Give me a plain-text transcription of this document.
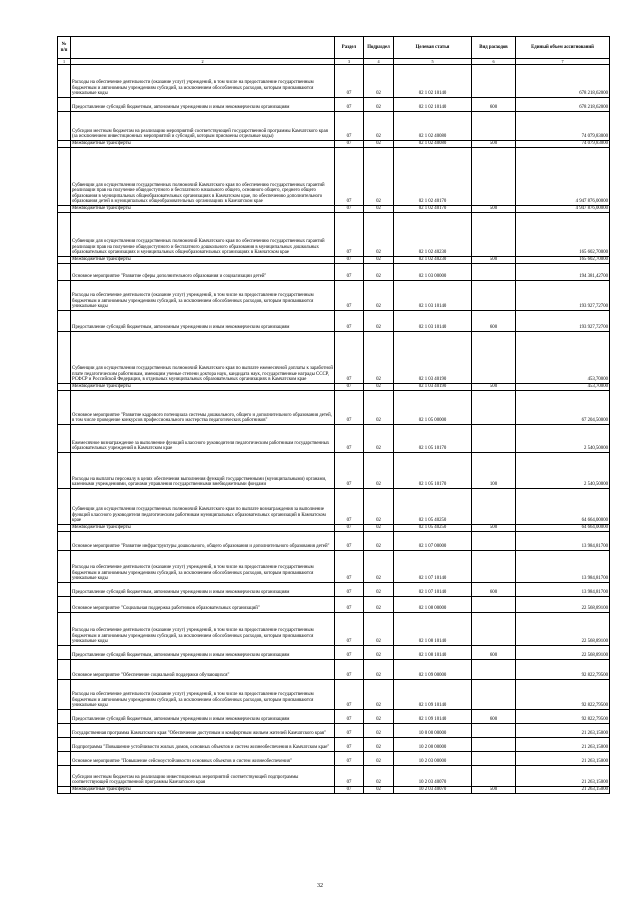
№ п/п		Раздел	Подраздел	Целевая статья	Вид расходов	Единый объем ассигнований
1	2	3	4	5	6	7
	Расходы на обеспечение деятельности (оказание услуг) учреждений, в том числе на предоставление государственным бюджетным и автономным учреждениям субсидий, за исключением обособленных расходов, которым присваиваются уникальные коды	07	02	02 1 02 10140		678 218,62000
	Предоставление субсидий бюджетным, автономным учреждениям и иным некоммерческим организациям	07	02	02 1 02 10140	600	678 218,62000
	Субсидии местным бюджетам на реализацию мероприятий соответствующей государственной программы Камчатского края (за исключением инвестиционных мероприятий и субсидий, которым присвоены отдельные коды)	07	02	02 1 02 40080		74 079,83000
	Межбюджетные трансферты	07	02	02 1 02 40080	500	74 079,83000
	Субвенции для осуществления государственных полномочий Камчатского края по обеспечению государственных гарантий реализации прав на получение общедоступного и бесплатного начального общего, основного общего, среднего общего образования в муниципальных общеобразовательных организациях в Камчатском крае, по обеспечению дополнительного образования детей в муниципальных общеобразовательных организациях в Камчатском крае	07	02	02 1 02 40170		4 947 876,00000
	Межбюджетные трансферты	07	02	02 1 02 40170	500	4 947 876,00000
	Субвенции для осуществления государственных полномочий Камчатского края по обеспечению государственных гарантий реализации прав на получение общедоступного и бесплатного дошкольного образования в муниципальных дошкольных образовательных организациях и муниципальных общеобразовательных организациях в Камчатском крае	07	02	02 1 02 40230		165 602,70000
	Межбюджетные трансферты	07	02	02 1 02 40230	500	165 602,70000
	Основное мероприятие "Развитие сферы дополнительного образования и социализации детей"	07	02	02 1 03 00000		194 381,42700
	Расходы на обеспечение деятельности (оказание услуг) учреждений, в том числе на предоставление государственным бюджетным и автономным учреждениям субсидий, за исключением обособленных расходов, которым присваиваются уникальные коды	07	02	02 1 03 10140		193 927,72700
	Предоставление субсидий бюджетным, автономным учреждениям и иным некоммерческим организациям	07	02	02 1 03 10140	600	193 927,72700
	Субвенции для осуществления государственных полномочий Камчатского края по выплате ежемесячной доплаты к заработной плате педагогическим работникам, имеющим ученые степени доктора наук, кандидата наук, государственные награды СССР, РСФСР и Российской Федерации, в отдельных муниципальных образовательных организациях в Камчатском крае	07	02	02 1 03 40190		453,70000
	Межбюджетные трансферты	07	02	02 1 03 40190	500	453,70000
	Основное мероприятие "Развитие кадрового потенциала системы дошкольного, общего и дополнительного образования детей, в том числе проведение конкурсов профессионального мастерства педагогических работников"	07	02	02 1 05 00000		67 204,50000
	Ежемесячное вознаграждение за выполнение функций классного руководителя педагогическим работникам государственных образовательных учреждений в Камчатском крае	07	02	02 1 05 10170		2 540,50000
	Расходы на выплаты персоналу в целях обеспечения выполнения функций государственными (муниципальными) органами, казенными учреждениями, органами управления государственными внебюджетными фондами	07	02	02 1 05 10170	100	2 540,50000
	Субвенции для осуществления государственных полномочий Камчатского края по выплате вознаграждения за выполнение функций классного руководителя педагогическим работникам муниципальных образовательных организаций в Камчатском крае	07	02	02 1 05 40250		64 664,00000
	Межбюджетные трансферты	07	02	02 1 05 40250	500	64 664,00000
	Основное мероприятие "Развитие инфраструктуры дошкольного, общего образования и дополнительного образования детей"	07	02	02 1 07 00000		13 984,81700
	Расходы на обеспечение деятельности (оказание услуг) учреждений, в том числе на предоставление государственным бюджетным и автономным учреждениям субсидий, за исключением обособленных расходов, которым присваиваются уникальные коды	07	02	02 1 07 10140		13 984,81700
	Предоставление субсидий бюджетным, автономным учреждениям и иным некоммерческим организациям	07	02	02 1 07 10140	600	13 984,81700
	Основное мероприятие "Социальная поддержка работников образовательных организаций"	07	02	02 1 08 00000		22 568,89100
	Расходы на обеспечение деятельности (оказание услуг) учреждений, в том числе на предоставление государственным бюджетным и автономным учреждениям субсидий, за исключением обособленных расходов, которым присваиваются уникальные коды	07	02	02 1 08 10140		22 568,89100
	Предоставление субсидий бюджетным, автономным учреждениям и иным некоммерческим организациям	07	02	02 1 08 10140	600	22 568,89100
	Основное мероприятие "Обеспечение социальной поддержки обучающихся"	07	02	02 1 09 00000		92 822,79500
	Расходы на обеспечение деятельности (оказание услуг) учреждений, в том числе на предоставление государственным бюджетным и автономным учреждениям субсидий, за исключением обособленных расходов, которым присваиваются уникальные коды	07	02	02 1 09 10140		92 822,79500
	Предоставление субсидий бюджетным, автономным учреждениям и иным некоммерческим организациям	07	02	02 1 09 10140	600	92 822,79500
	Государственная программа Камчатского края "Обеспечение доступным и комфортным жильем жителей Камчатского края"	07	02	10 0 00 00000		21 263,15000
	Подпрограмма "Повышение устойчивости жилых домов, основных объектов и систем жизнеобеспечения в Камчатском крае"	07	02	10 2 00 00000		21 263,15000
	Основное мероприятие "Повышение сейсмоустойчивости основных объектов и систем жизнеобеспечения"	07	02	10 2 03 00000		21 263,15000
	Субсидии местным бюджетам на реализацию инвестиционных мероприятий соответствующей подпрограммы соответствующей государственной программы Камчатского края	07	02	10 2 03 40070		21 263,15000
	Межбюджетные трансферты	07	02	10 2 03 40070	500	21 263,15000
32
